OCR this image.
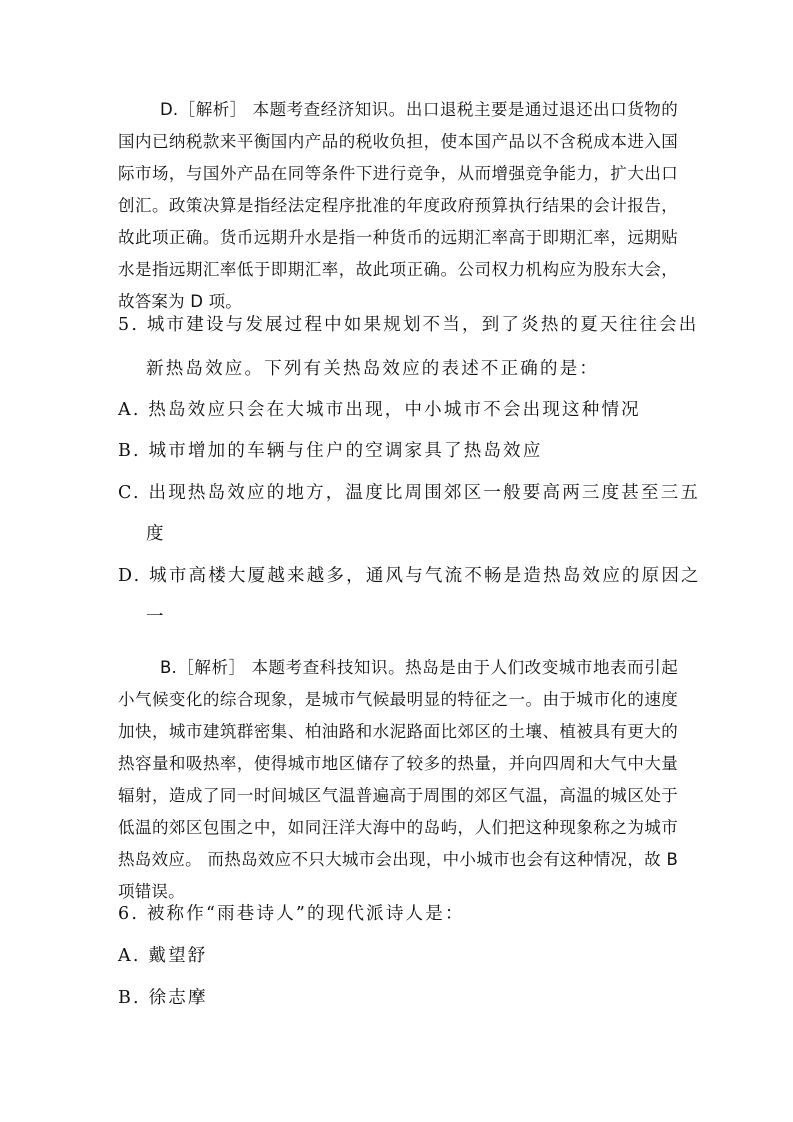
D.［解析］ 本题考查经济知识。出口退税主要是通过退还出口货物的国内已纳税款来平衡国内产品的税收负担，使本国产品以不含税成本进入国际市场，与国外产品在同等条件下进行竞争，从而增强竞争能力，扩大出口创汇。政策决算是指经法定程序批准的年度政府预算执行结果的会计报告，故此项正确。货币远期升水是指一种货币的远期汇率高于即期汇率，远期贴水是指远期汇率低于即期汇率，故此项正确。公司权力机构应为股东大会，故答案为 D 项。

5. 城市建设与发展过程中如果规划不当，到了炎热的夏天往往会出

新热岛效应。下列有关热岛效应的表述不正确的是：

A. 热岛效应只会在大城市出现，中小城市不会出现这种情况

B. 城市增加的车辆与住户的空调家具了热岛效应

C. 出现热岛效应的地方，温度比周围郊区一般要高两三度甚至三五

度

D. 城市高楼大厦越来越多，通风与气流不畅是造热岛效应的原因之

一

B.［解析］ 本题考查科技知识。热岛是由于人们改变城市地表而引起小气候变化的综合现象，是城市气候最明显的特征之一。由于城市化的速度加快，城市建筑群密集、柏油路和水泥路面比郊区的土壤、植被具有更大的热容量和吸热率，使得城市地区储存了较多的热量，并向四周和大气中大量辐射，造成了同一时间城区气温普遍高于周围的郊区气温，高温的城区处于低温的郊区包围之中，如同汪洋大海中的岛屿，人们把这种现象称之为城市热岛效应。 而热岛效应不只大城市会出现，中小城市也会有这种情况，故 B 项错误。

6. 被称作“雨巷诗人”的现代派诗人是：

A. 戴望舒

B. 徐志摩
